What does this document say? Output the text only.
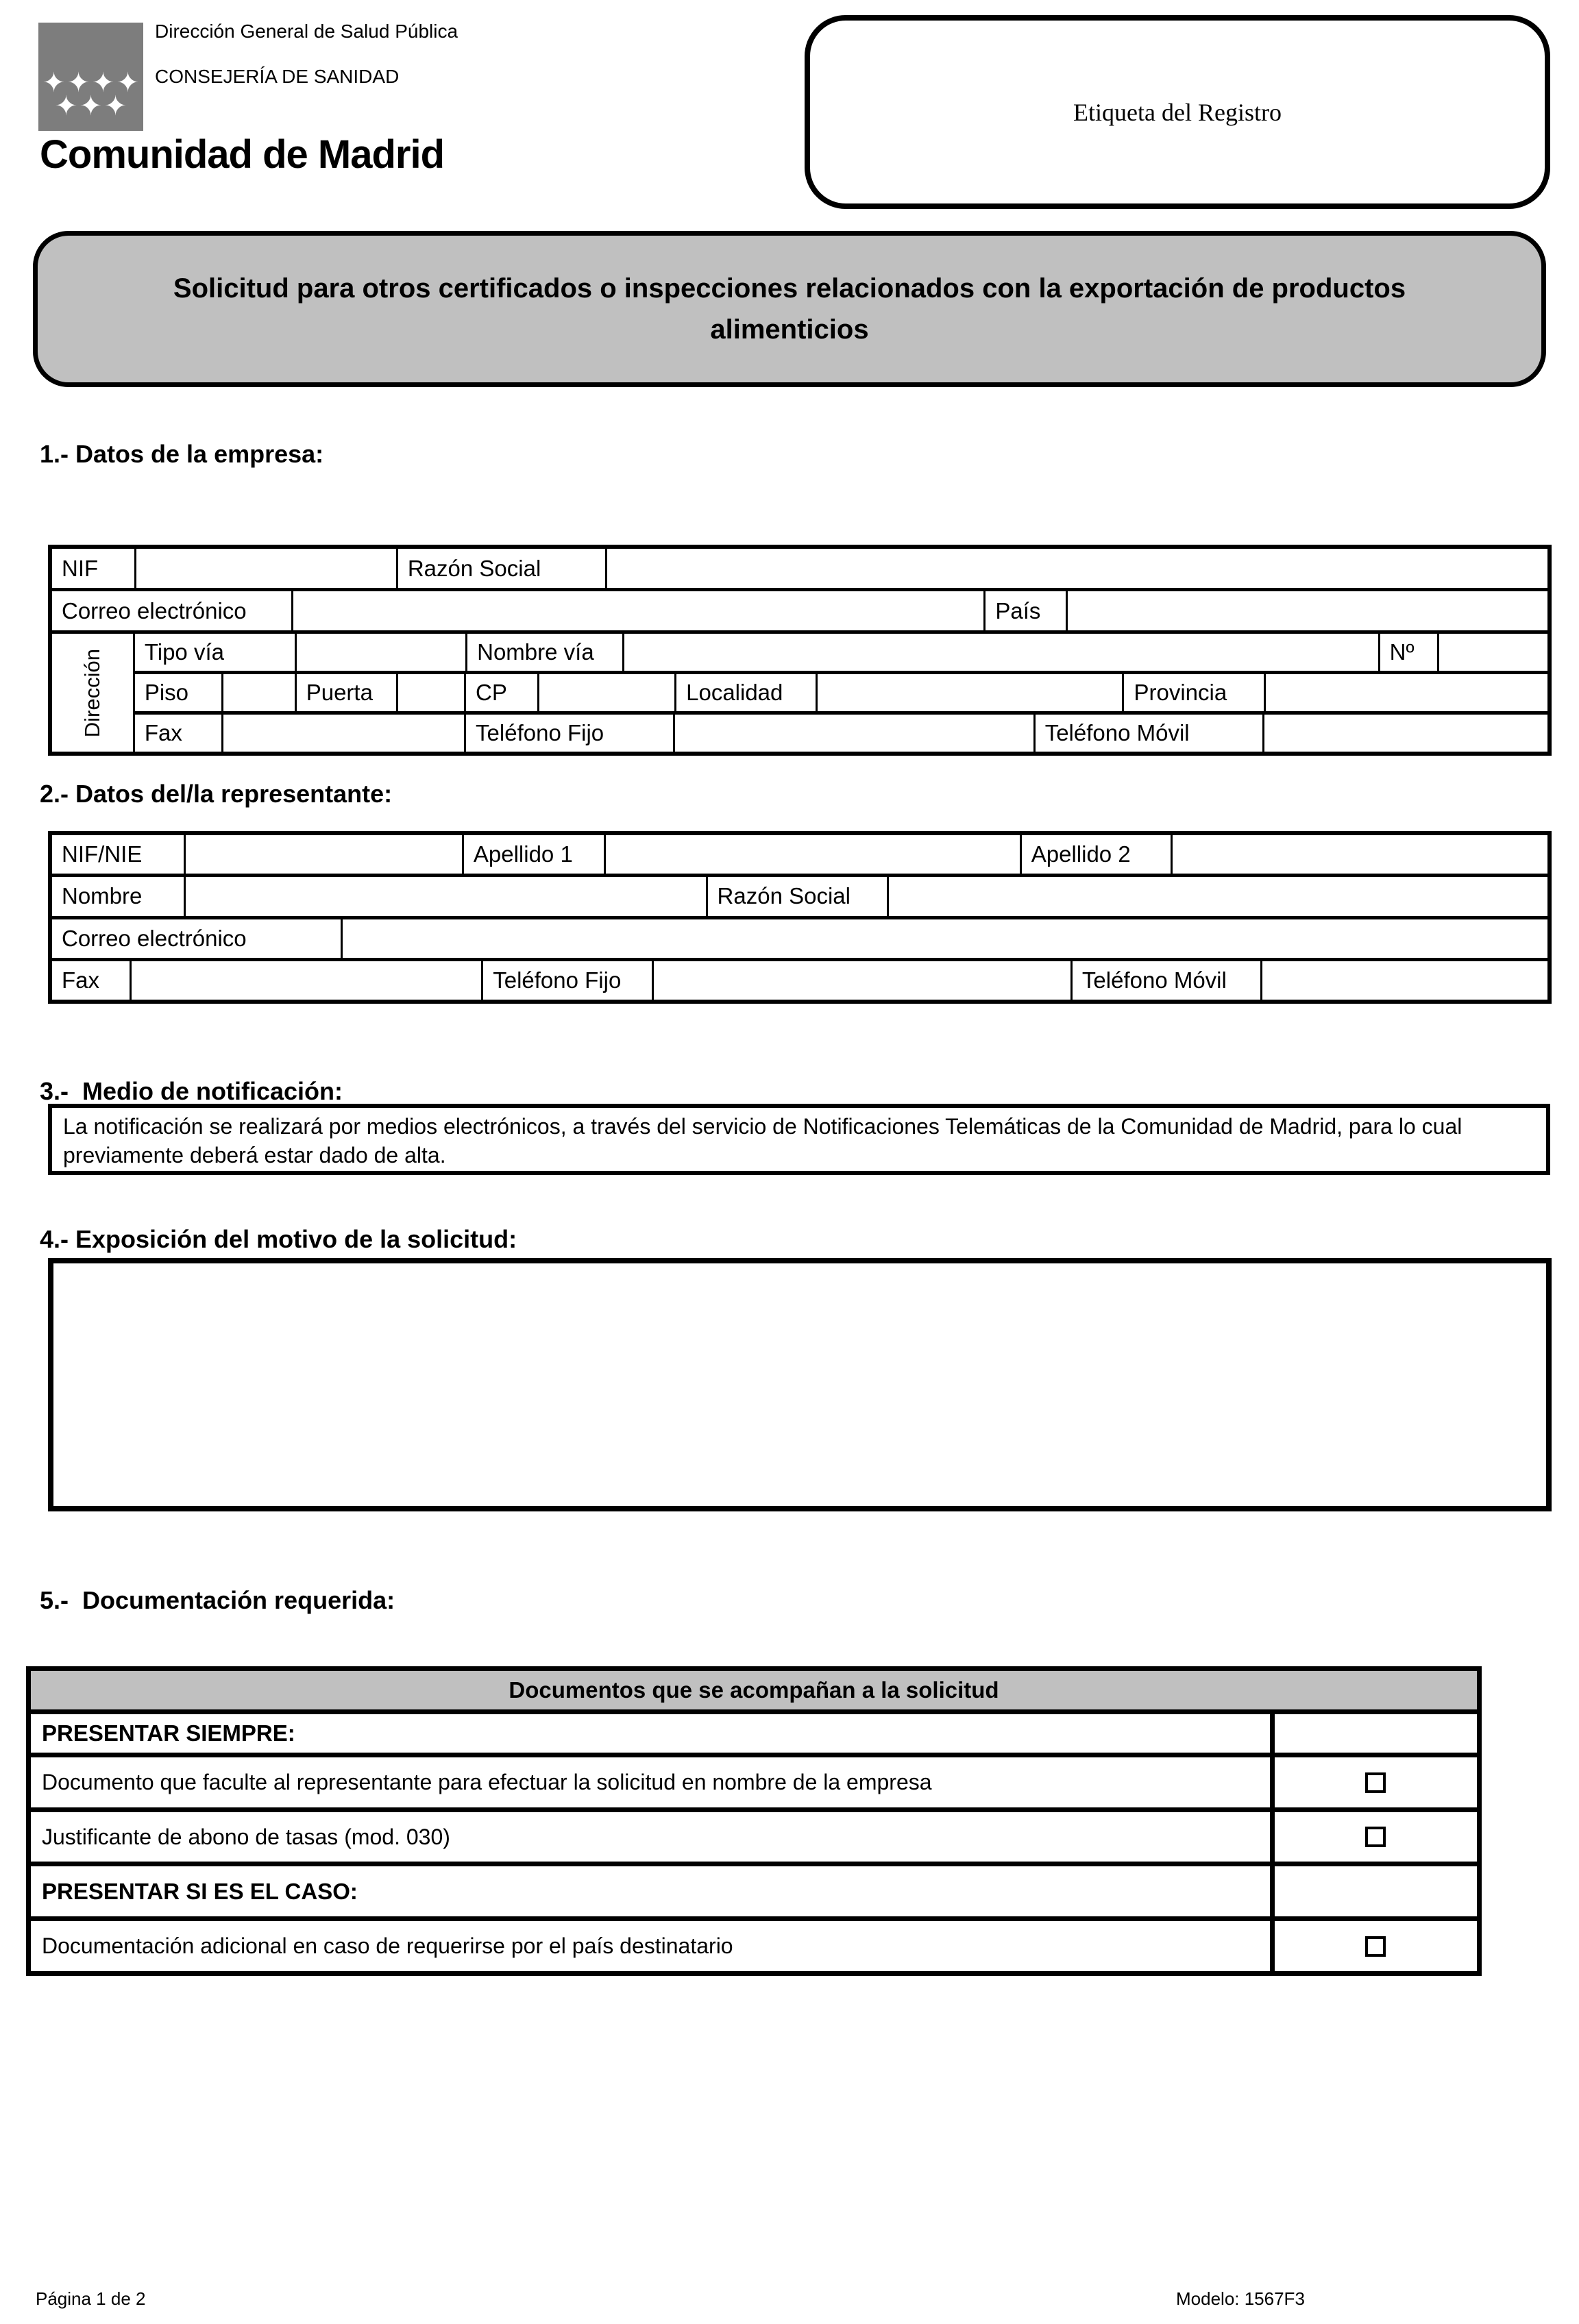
✦ ✦ ✦ ✦
✦ ✦ ✦
Dirección General de Salud Pública
CONSEJERÍA DE SANIDAD
Comunidad de Madrid
Etiqueta del Registro
Solicitud para otros certificados o inspecciones relacionados con la exportación de productos alimenticios
1.- Datos de la empresa:
NIF	Razón Social
Correo electrónico	País
Dirección	Tipo vía	Nombre vía	Nº
Piso	Puerta	CP	Localidad	Provincia
Fax	Teléfono Fijo	Teléfono Móvil
2.- Datos del/la representante:
NIF/NIE	Apellido 1	Apellido 2
Nombre	Razón Social
Correo electrónico
Fax	Teléfono Fijo	Teléfono Móvil
3.-  Medio de notificación:
La notificación se realizará por medios electrónicos, a través del servicio de Notificaciones Telemáticas de la Comunidad de Madrid, para lo cual previamente deberá estar dado de alta.
4.- Exposición del motivo de la solicitud:
5.-  Documentación requerida:
Documentos que se acompañan a la solicitud
PRESENTAR SIEMPRE:
Documento que faculte al representante para efectuar la solicitud en nombre de la empresa
Justificante de abono de tasas (mod. 030)
PRESENTAR SI ES EL CASO:
Documentación adicional en caso de requerirse por el país destinatario
Página 1 de 2	Modelo: 1567F3
